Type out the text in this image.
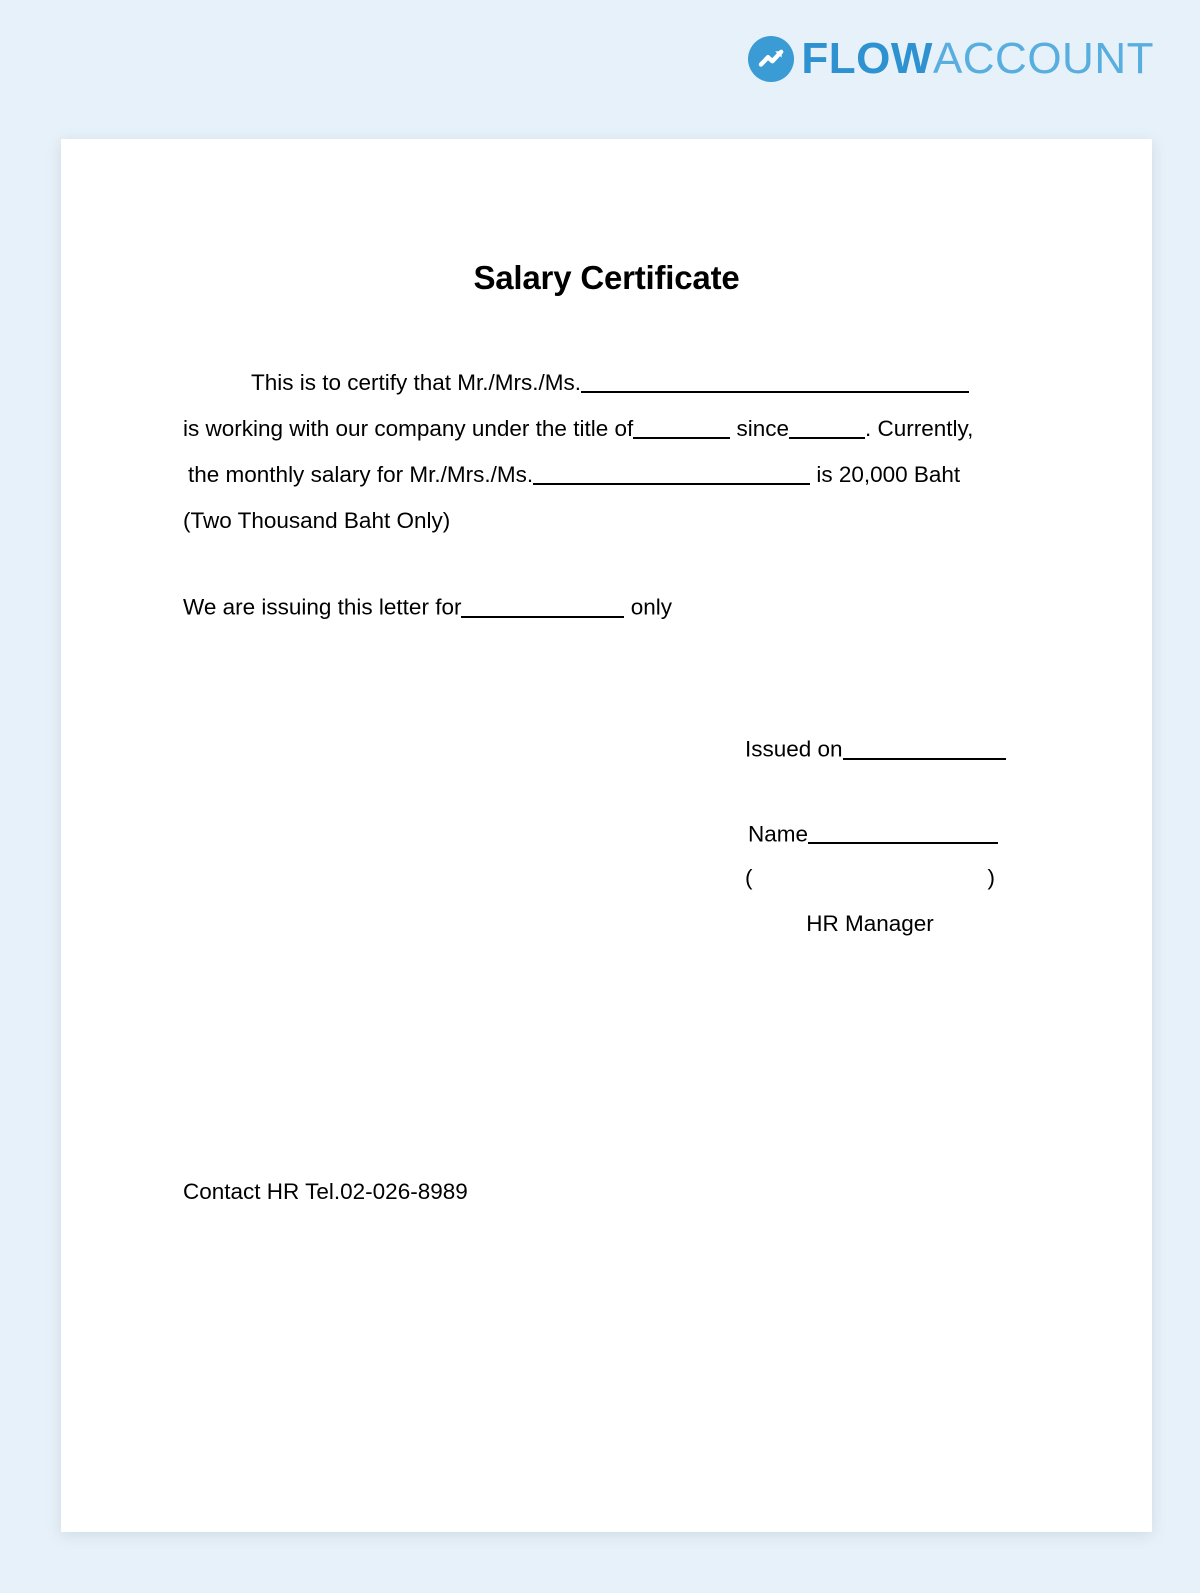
FLOWACCOUNT
Salary Certificate
This is to certify that Mr./Mrs./Ms.
is working with our company under the title of	since	. Currently,
the monthly salary for Mr./Mrs./Ms.	is 20,000 Baht
(Two Thousand Baht Only)
We are issuing this letter for	only
Issued on
Name
(	)
HR Manager
Contact HR Tel.02-026-8989
